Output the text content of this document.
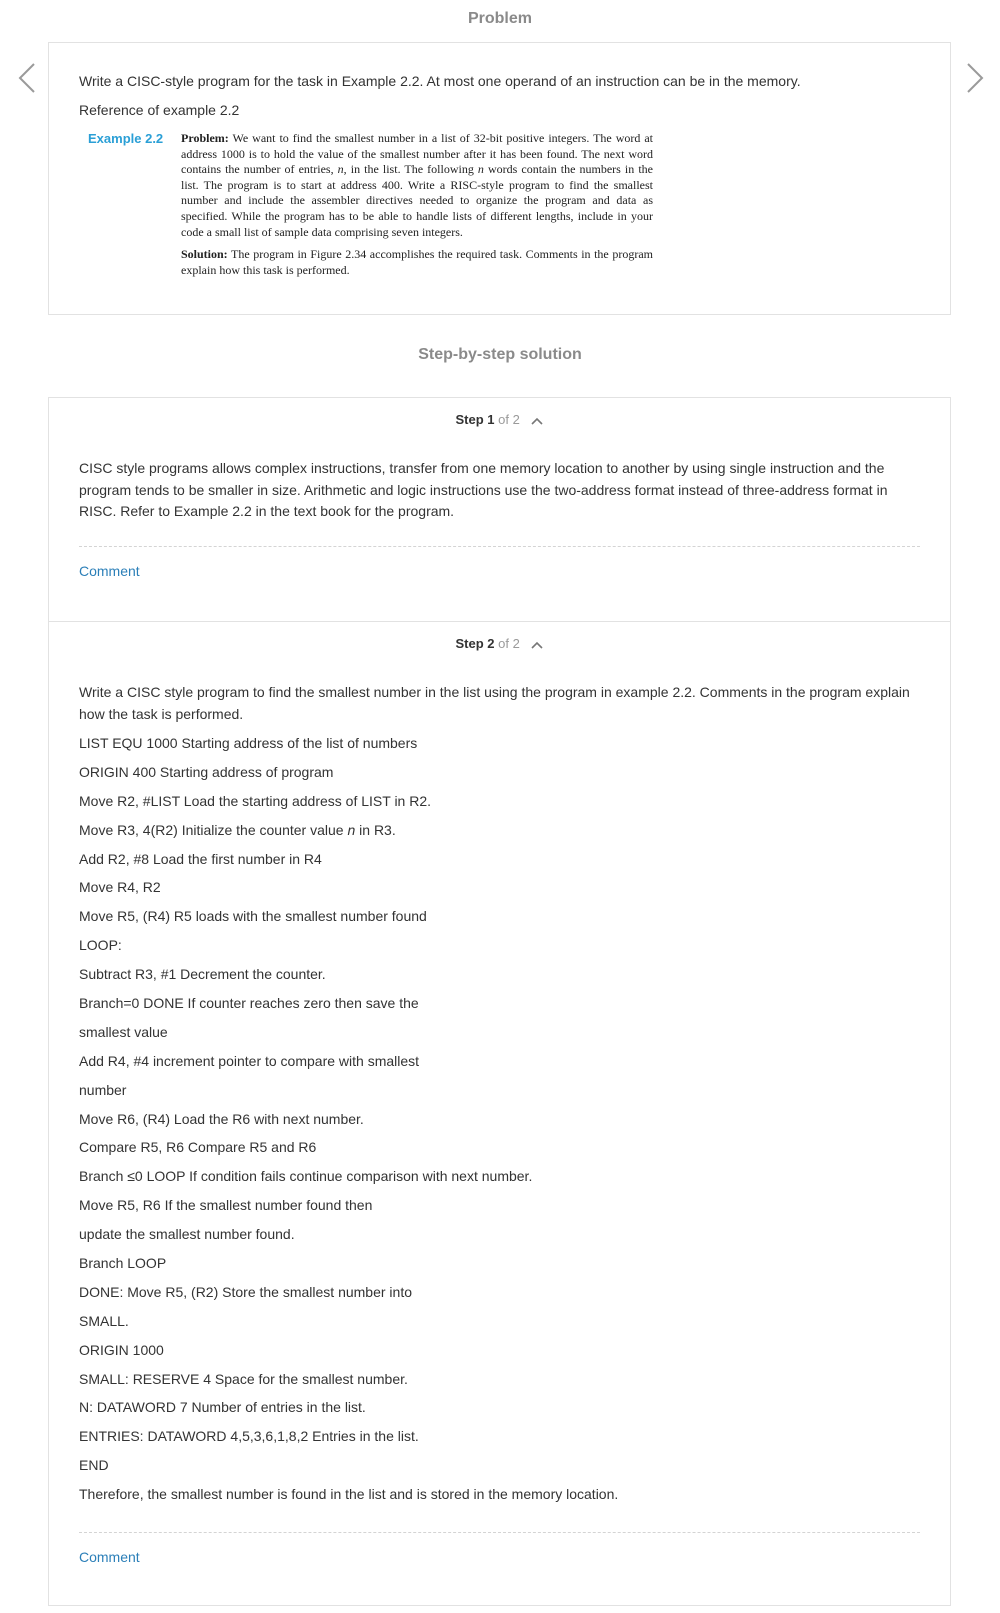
Problem

Write a CISC-style program for the task in Example 2.2. At most one operand of an instruction can be in the memory.

Reference of example 2.2

Example 2.2 Problem: We want to find the smallest number in a list of 32-bit positive integers. The word at address 1000 is to hold the value of the smallest number after it has been found. The next word contains the number of entries, n, in the list. The following n words contain the numbers in the list. The program is to start at address 400. Write a RISC-style program to find the smallest number and include the assembler directives needed to organize the program and data as specified. While the program has to be able to handle lists of different lengths, include in your code a small list of sample data comprising seven integers.

Solution: The program in Figure 2.34 accomplishes the required task. Comments in the program explain how this task is performed.

Step-by-step solution
Step 1 of 2

CISC style programs allows complex instructions, transfer from one memory location to another by using single instruction and the program tends to be smaller in size. Arithmetic and logic instructions use the two-address format instead of three-address format in RISC. Refer to Example 2.2 in the text book for the program.

Comment
Step 2 of 2

Write a CISC style program to find the smallest number in the list using the program in example 2.2. Comments in the program explain how the task is performed.

LIST EQU 1000 Starting address of the list of numbers
ORIGIN 400 Starting address of program
Move R2, #LIST Load the starting address of LIST in R2.
Move R3, 4(R2) Initialize the counter value n in R3.
Add R2, #8 Load the first number in R4
Move R4, R2
Move R5, (R4) R5 loads with the smallest number found
LOOP:
Subtract R3, #1 Decrement the counter.
Branch=0 DONE If counter reaches zero then save the
smallest value
Add R4, #4 increment pointer to compare with smallest
number
Move R6, (R4) Load the R6 with next number.
Compare R5, R6 Compare R5 and R6
Branch ≤0 LOOP If condition fails continue comparison with next number.
Move R5, R6 If the smallest number found then
update the smallest number found.
Branch LOOP
DONE: Move R5, (R2) Store the smallest number into
SMALL.
ORIGIN 1000
SMALL: RESERVE 4 Space for the smallest number.
N: DATAWORD 7 Number of entries in the list.
ENTRIES: DATAWORD 4,5,3,6,1,8,2 Entries in the list.
END
Therefore, the smallest number is found in the list and is stored in the memory location.
Comment
